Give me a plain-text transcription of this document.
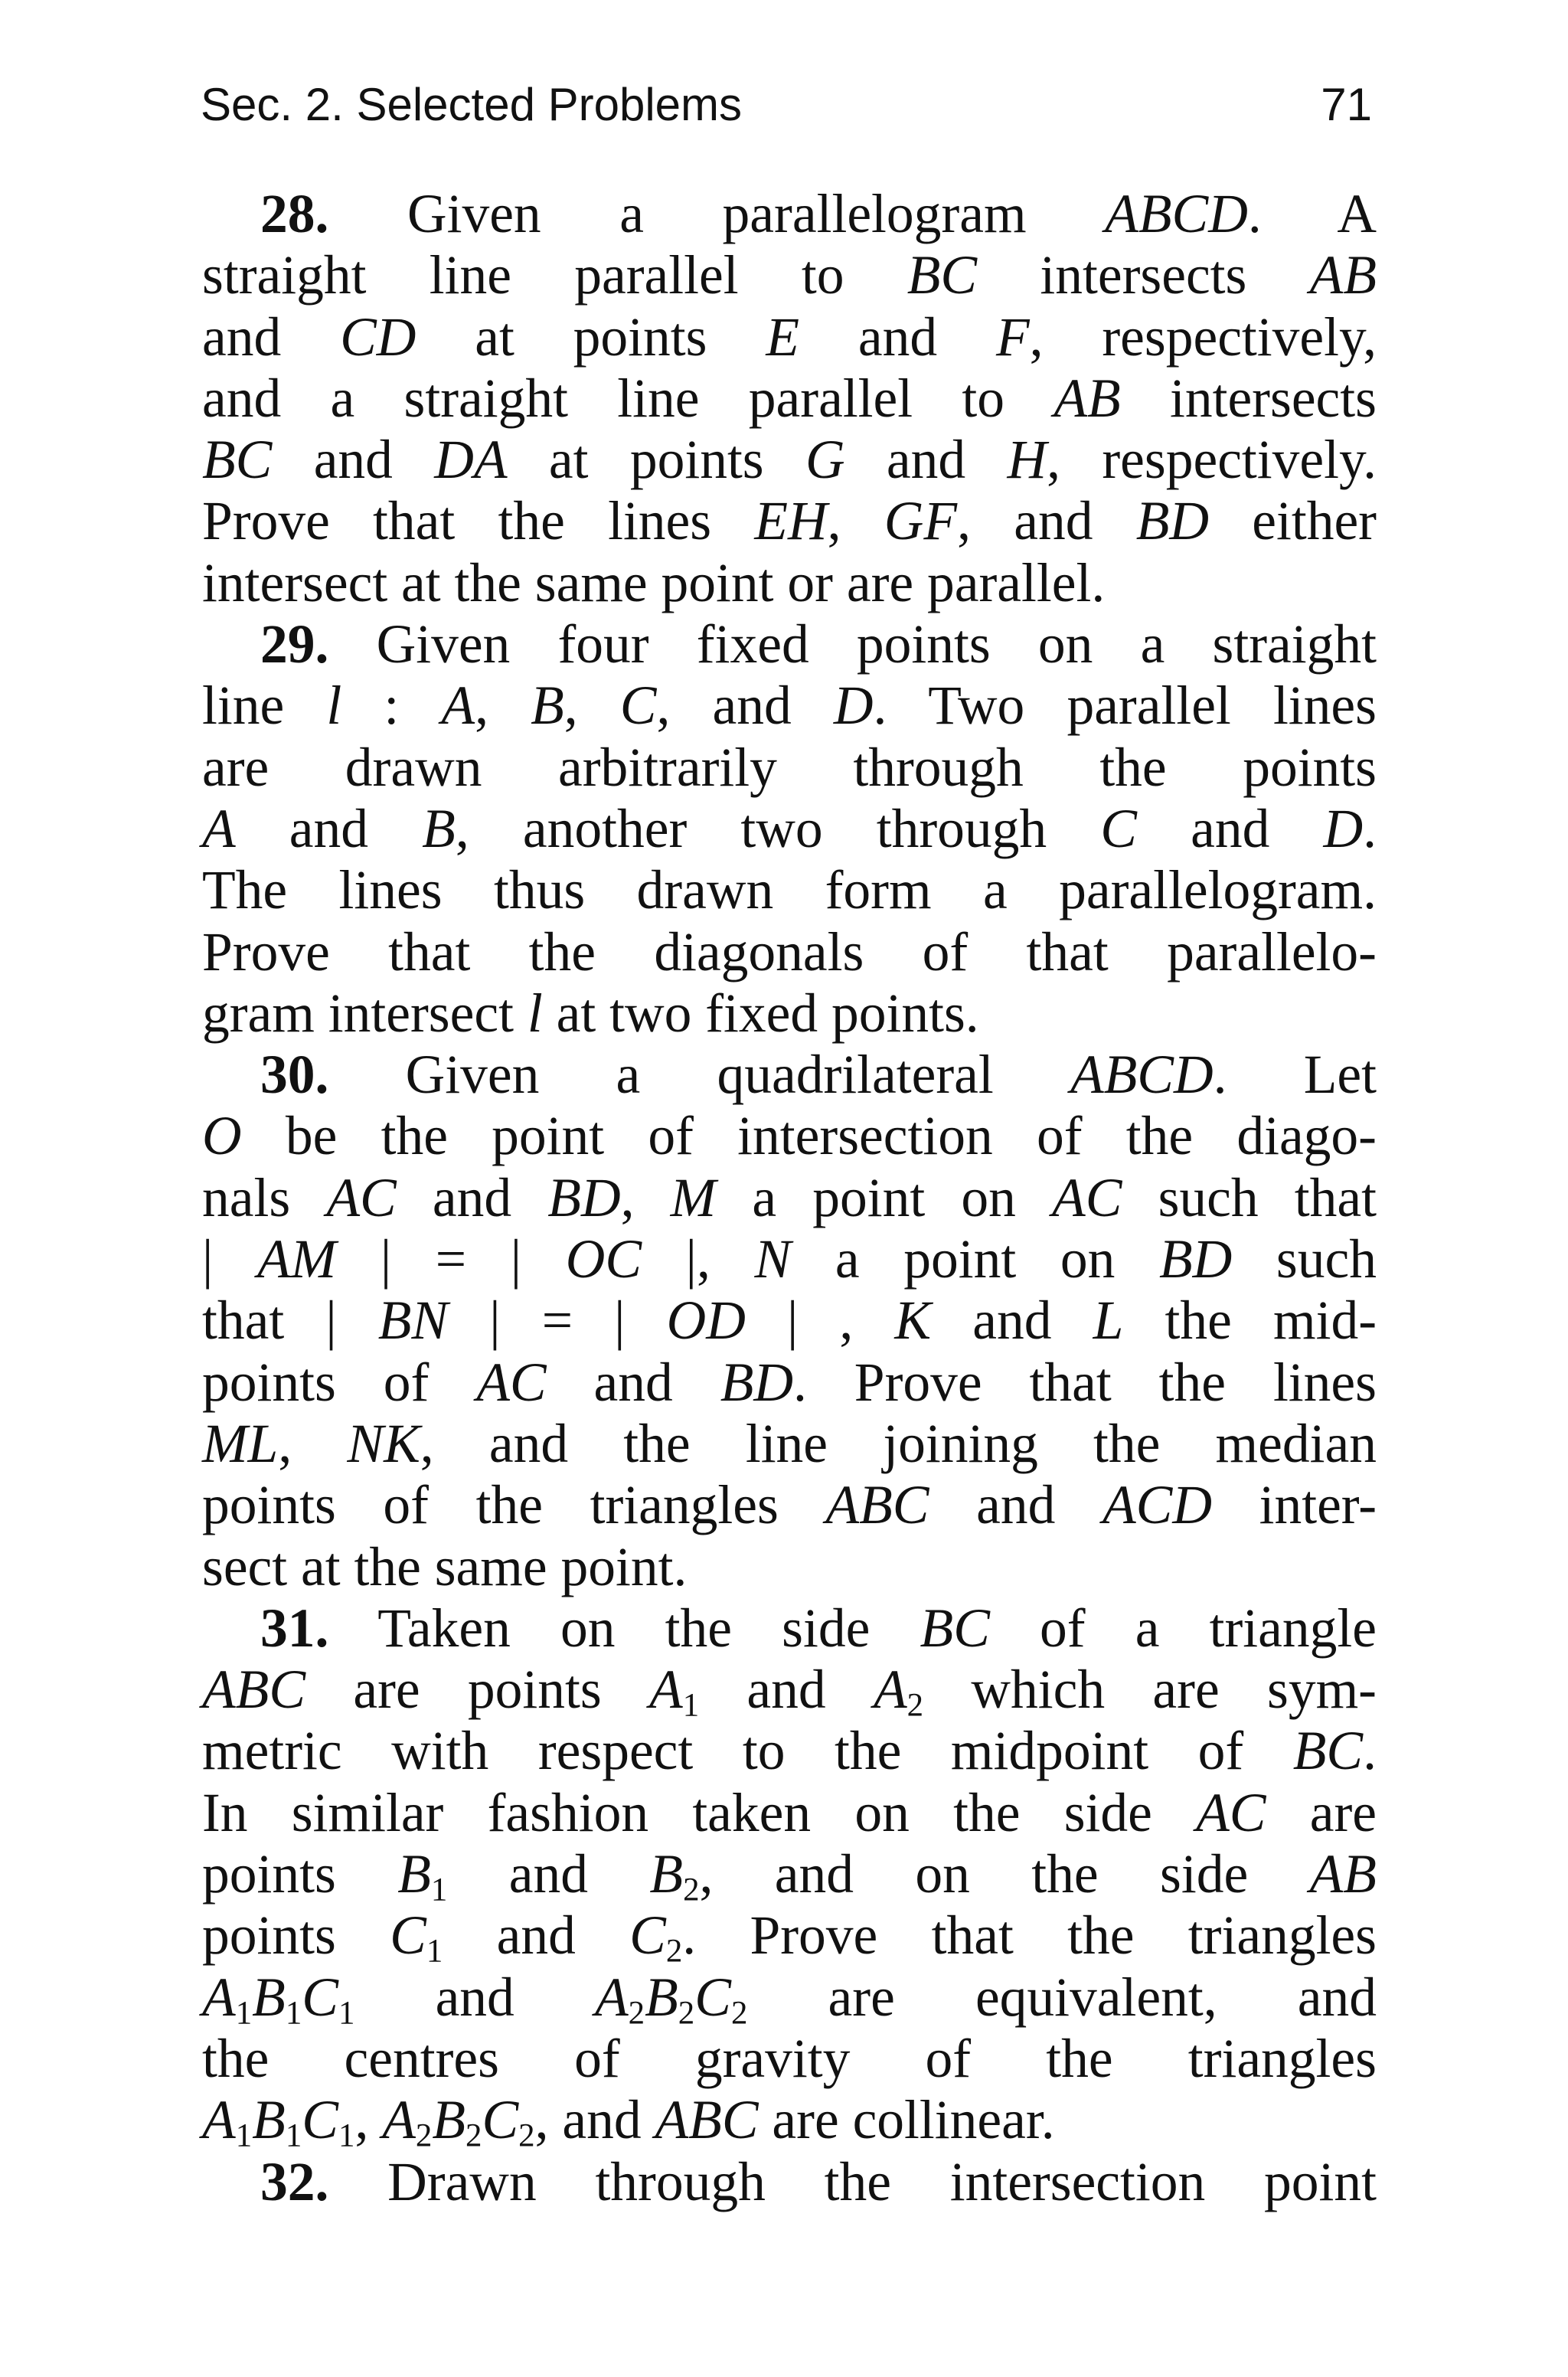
Sec. 2. Selected Problems	71
28. Given a parallelogram ABCD. A
straight line parallel to BC intersects AB
and CD at points E and F, respectively,
and a straight line parallel to AB intersects
BC and DA at points G and H, respectively.
Prove that the lines EH, GF, and BD either
intersect at the same point or are parallel.
29. Given four fixed points on a straight
line l : A, B, C, and D. Two parallel lines
are drawn arbitrarily through the points
A and B, another two through C and D.
The lines thus drawn form a parallelogram.
Prove that the diagonals of that parallelo-
gram intersect l at two fixed points.
30. Given a quadrilateral ABCD. Let
O be the point of intersection of the diago-
nals AC and BD, M a point on AC such that
| AM | = | OC |, N a point on BD such
that | BN | = | OD | , K and L the mid-
points of AC and BD. Prove that the lines
ML, NK, and the line joining the median
points of the triangles ABC and ACD inter-
sect at the same point.
31. Taken on the side BC of a triangle
ABC are points $A_1$ and $A_2$ which are sym-
metric with respect to the midpoint of BC.
In similar fashion taken on the side AC are
points $B_1$ and $B_2$, and on the side AB
points $C_1$ and $C_2$. Prove that the triangles
$A_1B_1C_1$ and $A_2B_2C_2$ are equivalent, and
the centres of gravity of the triangles
$A_1B_1C_1$, $A_2B_2C_2$, and ABC are collinear.
32. Drawn through the intersection point
